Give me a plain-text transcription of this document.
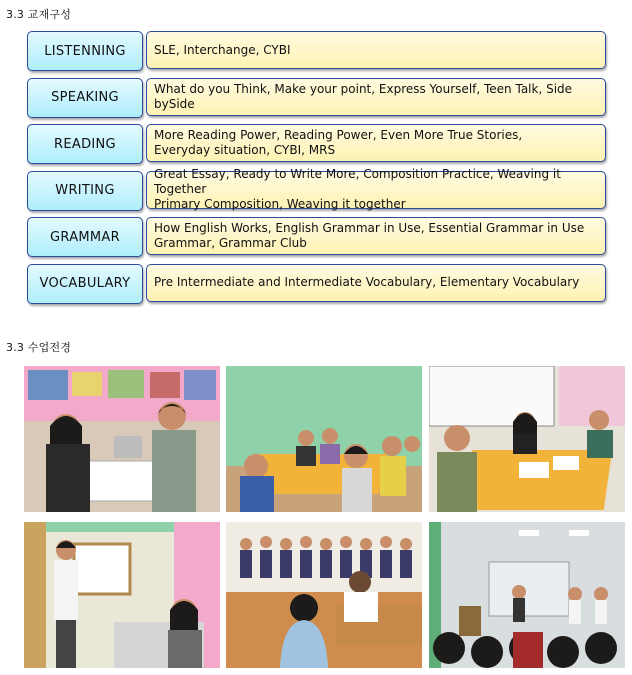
3.3 교재구성
LISTENNING	SLE, Interchange, CYBI
SPEAKING
What do you Think, Make your point, Express Yourself, Teen Talk, Side bySide
READING
More Reading Power, Reading Power, Even More True Stories,
Everyday situation, CYBI, MRS
WRITING
Great Essay, Ready to Write More, Composition Practice, Weaving it Together
Primary Composition, Weaving it together
GRAMMAR
How English Works, English Grammar in Use, Essential Grammar in Use
Grammar, Grammar Club
VOCABULARY	Pre Intermediate and Intermediate Vocabulary, Elementary Vocabulary
3.3 수업전경
